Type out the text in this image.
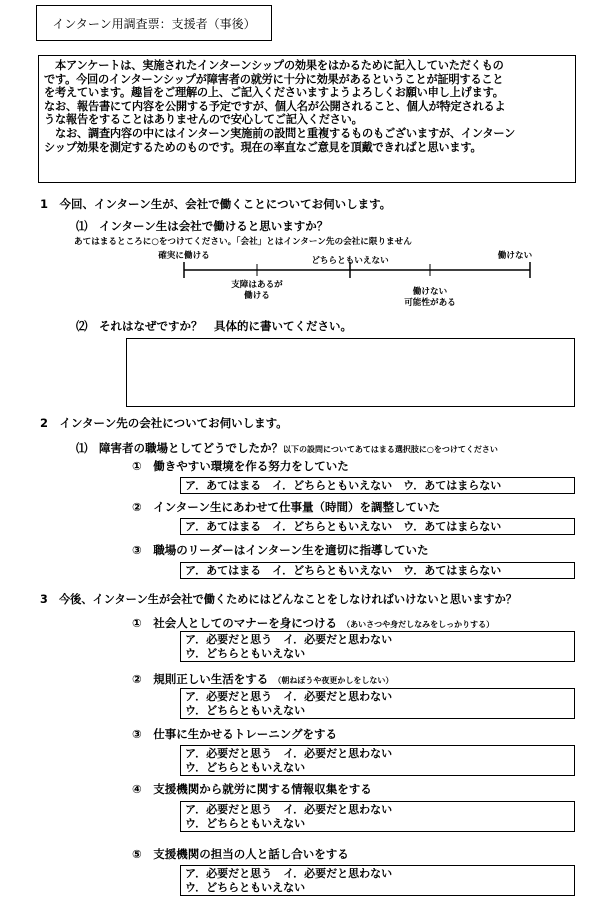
インターン用調査票：支援者（事後）

　本アンケートは、実施されたインターンシップの効果をはかるために記入していただくもの

です。今回のインターンシップが障害者の就労に十分に効果があるということが証明すること

を考えています。趣旨をご理解の上、ご記入くださいますようよろしくお願い申し上げます。

なお、報告書にて内容を公開する予定ですが、個人名が公開されること、個人が特定されるよ

うな報告をすることはありませんので安心してご記入ください。

　なお、調査内容の中にはインターン実施前の設問と重複するものもございますが、インターン

シップ効果を測定するためのものです。現在の率直なご意見を頂戴できればと思います。

1　今回、インターン生が、会社で働くことについてお伺いします。
⑴　インターン生は会社で働けると思いますか？
あてはまるところに○をつけてください。「会社」とはインターン先の会社に限りません
確実に働ける
支障はあるが
働ける
どちらともいえない
働けない
可能性がある
働けない
⑵　それはなぜですか？　具体的に書いてください。
2　インターン先の会社についてお伺いします。
⑴　障害者の職場としてどうでしたか？以下の設問についてあてはまる選択肢に○をつけてください
①　働きやすい環境を作る努力をしていた
ア．あてはまる　イ．どちらともいえない　ウ．あてはまらない
②　インターン生にあわせて仕事量（時間）を調整していた
ア．あてはまる　イ．どちらともいえない　ウ．あてはまらない
③　職場のリーダーはインターン生を適切に指導していた
ア．あてはまる　イ．どちらともいえない　ウ．あてはまらない
3　今後、インターン生が会社で働くためにはどんなことをしなければいけないと思いますか？
①　社会人としてのマナーを身につける （あいさつや身だしなみをしっかりする）
ア．必要だと思う　イ．必要だと思わない
ウ．どちらともいえない
②　規則正しい生活をする （朝ねぼうや夜更かしをしない）
ア．必要だと思う　イ．必要だと思わない
ウ．どちらともいえない
③　仕事に生かせるトレーニングをする
ア．必要だと思う　イ．必要だと思わない
ウ．どちらともいえない
④　支援機関から就労に関する情報収集をする
ア．必要だと思う　イ．必要だと思わない
ウ．どちらともいえない
⑤　支援機関の担当の人と話し合いをする
ア．必要だと思う　イ．必要だと思わない
ウ．どちらともいえない
